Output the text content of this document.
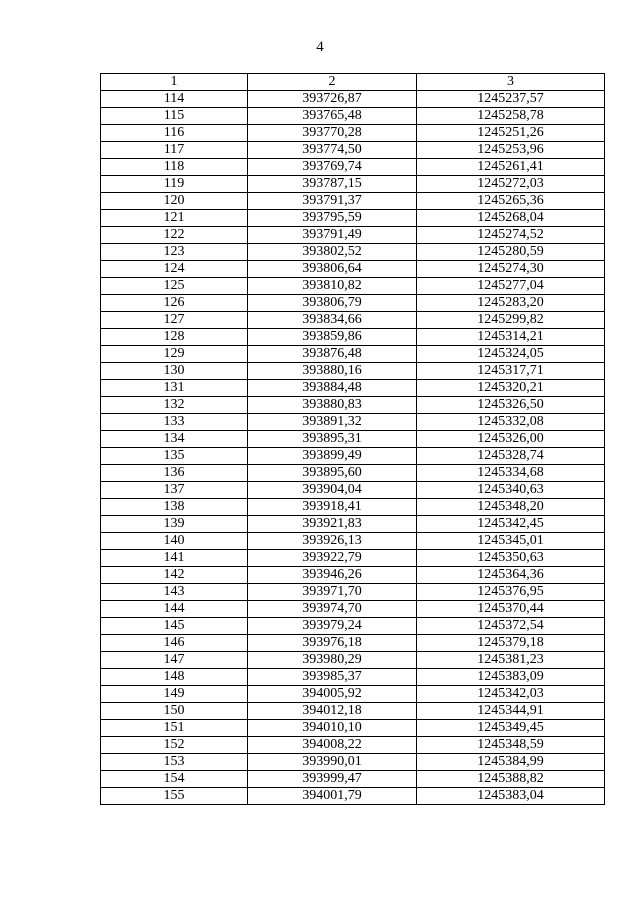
4
1	2	3
114	393726,87	1245237,57
115	393765,48	1245258,78
116	393770,28	1245251,26
117	393774,50	1245253,96
118	393769,74	1245261,41
119	393787,15	1245272,03
120	393791,37	1245265,36
121	393795,59	1245268,04
122	393791,49	1245274,52
123	393802,52	1245280,59
124	393806,64	1245274,30
125	393810,82	1245277,04
126	393806,79	1245283,20
127	393834,66	1245299,82
128	393859,86	1245314,21
129	393876,48	1245324,05
130	393880,16	1245317,71
131	393884,48	1245320,21
132	393880,83	1245326,50
133	393891,32	1245332,08
134	393895,31	1245326,00
135	393899,49	1245328,74
136	393895,60	1245334,68
137	393904,04	1245340,63
138	393918,41	1245348,20
139	393921,83	1245342,45
140	393926,13	1245345,01
141	393922,79	1245350,63
142	393946,26	1245364,36
143	393971,70	1245376,95
144	393974,70	1245370,44
145	393979,24	1245372,54
146	393976,18	1245379,18
147	393980,29	1245381,23
148	393985,37	1245383,09
149	394005,92	1245342,03
150	394012,18	1245344,91
151	394010,10	1245349,45
152	394008,22	1245348,59
153	393990,01	1245384,99
154	393999,47	1245388,82
155	394001,79	1245383,04
